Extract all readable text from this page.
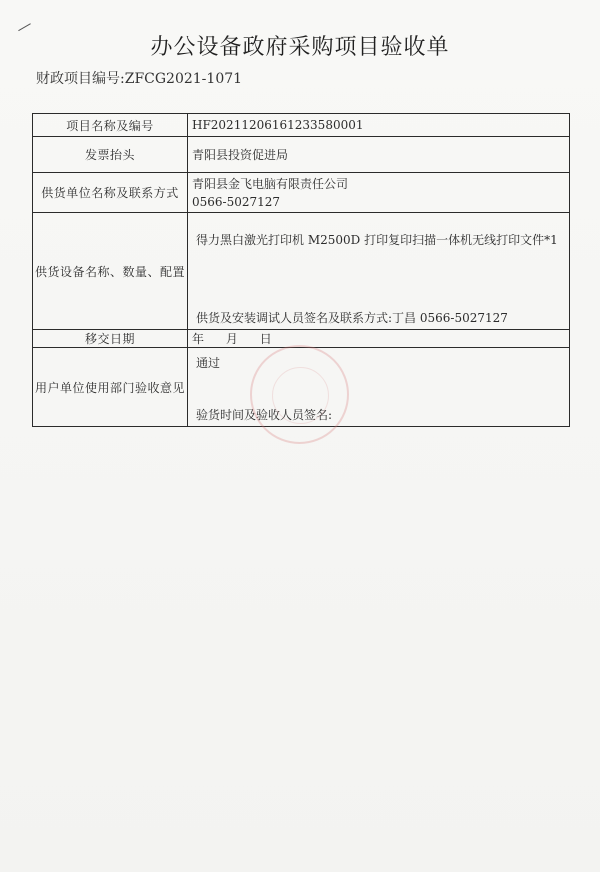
办公设备政府采购项目验收单
财政项目编号:ZFCG2021-1071
项目名称及编号	HF20211206161233580001
发票抬头	青阳县投资促进局
供货单位名称及联系方式	青阳县金飞电脑有限责任公司
0566-5027127

供货设备名称、数量、配置	得力黑白激光打印机 M2500D 打印复印扫描一体机无线打印文件*1
供货及安装调试人员签名及联系方式:丁昌 0566-5027127

移交日期	年 月 日
用户单位使用部门验收意见	通过
验货时间及验收人员签名:
